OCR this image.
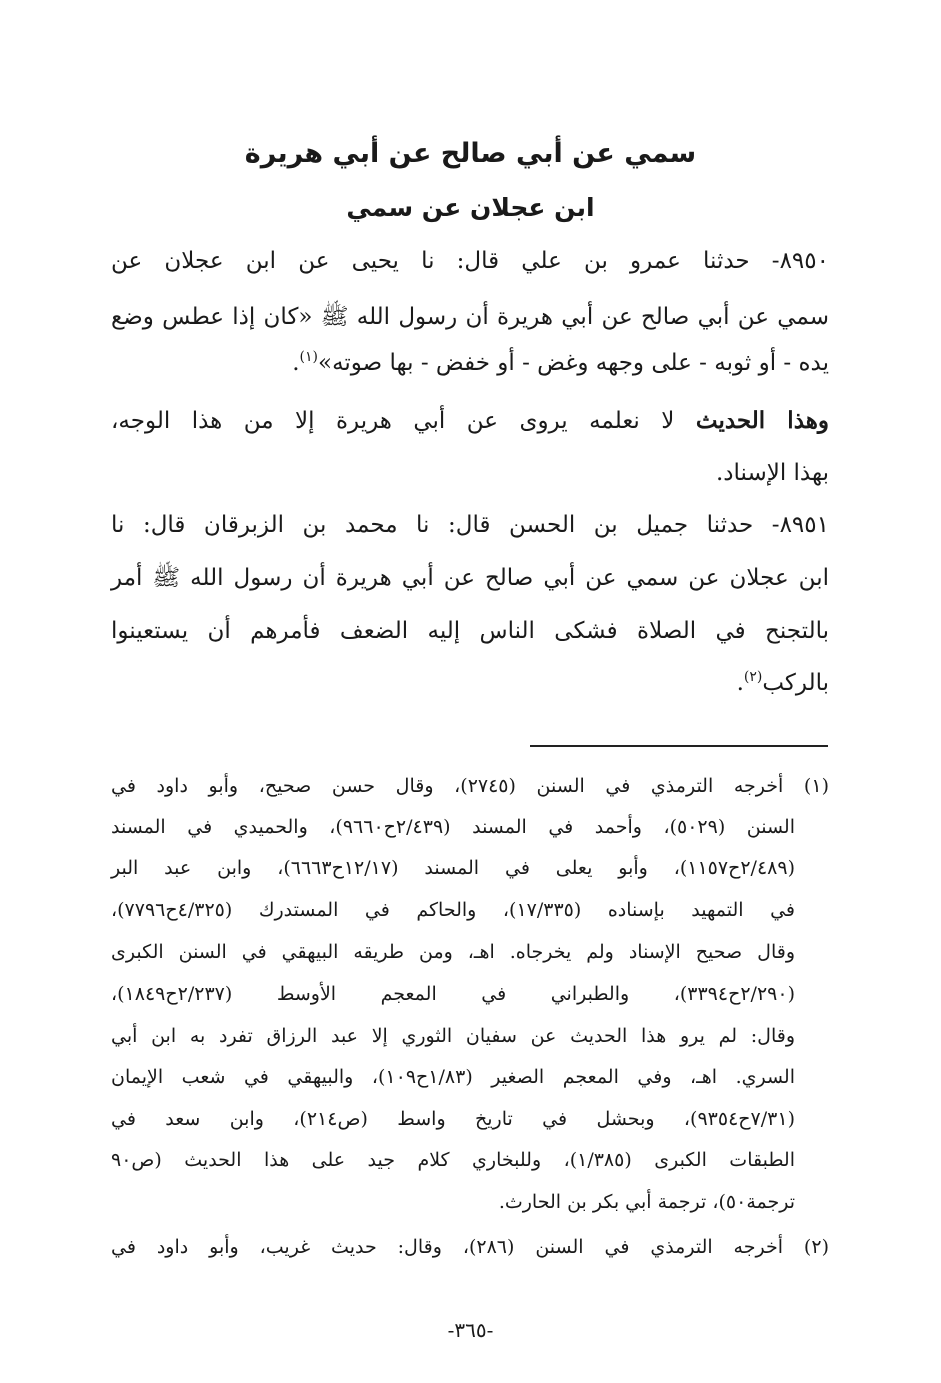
سمي عن أبي صالح عن أبي هريرة
ابن عجلان عن سمي
٨٩٥٠- حدثنا عمرو بن علي قال: نا يحيى عن ابن عجلان عن
سمي عن أبي صالح عن أبي هريرة أن رسول الله ﷺ «كان إذا عطس وضع
يده - أو ثوبه - على وجهه وغض - أو خفض - بها صوته»$^{(١)}$.
وهذا الحديث لا نعلمه يروى عن أبي هريرة إلا من هذا الوجه،
بهذا الإسناد.
٨٩٥١- حدثنا جميل بن الحسن قال: نا محمد بن الزبرقان قال: نا
ابن عجلان عن سمي عن أبي صالح عن أبي هريرة أن رسول الله ﷺ أمر
بالتجنح في الصلاة فشكى الناس إليه الضعف فأمرهم أن يستعينوا
بالركب$^{(٢)}$.
(١) أخرجه الترمذي في السنن (٢٧٤٥)، وقال حسن صحيح، وأبو داود في
السنن (٥٠٢٩)، وأحمد في المسند (٢/٤٣٩ح٩٦٦٠)، والحميدي في المسند
(٢/٤٨٩ح١١٥٧)، وأبو يعلى في المسند (١٢/١٧ح٦٦٦٣)، وابن عبد البر
في التمهيد بإسناده (١٧/٣٣٥)، والحاكم في المستدرك (٤/٣٢٥ح٧٧٩٦)،
وقال صحيح الإسناد ولم يخرجاه. اهـ، ومن طريقه البيهقي في السنن الكبرى
(٢/٢٩٠ح٣٣٩٤)، والطبراني في المعجم الأوسط (٢/٢٣٧ح١٨٤٩)،
وقال: لم يرو هذا الحديث عن سفيان الثوري إلا عبد الرزاق تفرد به ابن أبي
السري. اهـ، وفي المعجم الصغير (١/٨٣ح١٠٩)، والبيهقي في شعب الإيمان
(٧/٣١ح٩٣٥٤)، وبحشل في تاريخ واسط (ص٢١٤)، وابن سعد في
الطبقات الكبرى (١/٣٨٥)، وللبخاري كلام جيد على هذا الحديث (ص٩٠
ترجمة٥٠)، ترجمة أبي بكر بن الحارث.
(٢) أخرجه الترمذي في السنن (٢٨٦)، وقال: حديث غريب، وأبو داود في
-٣٦٥-
